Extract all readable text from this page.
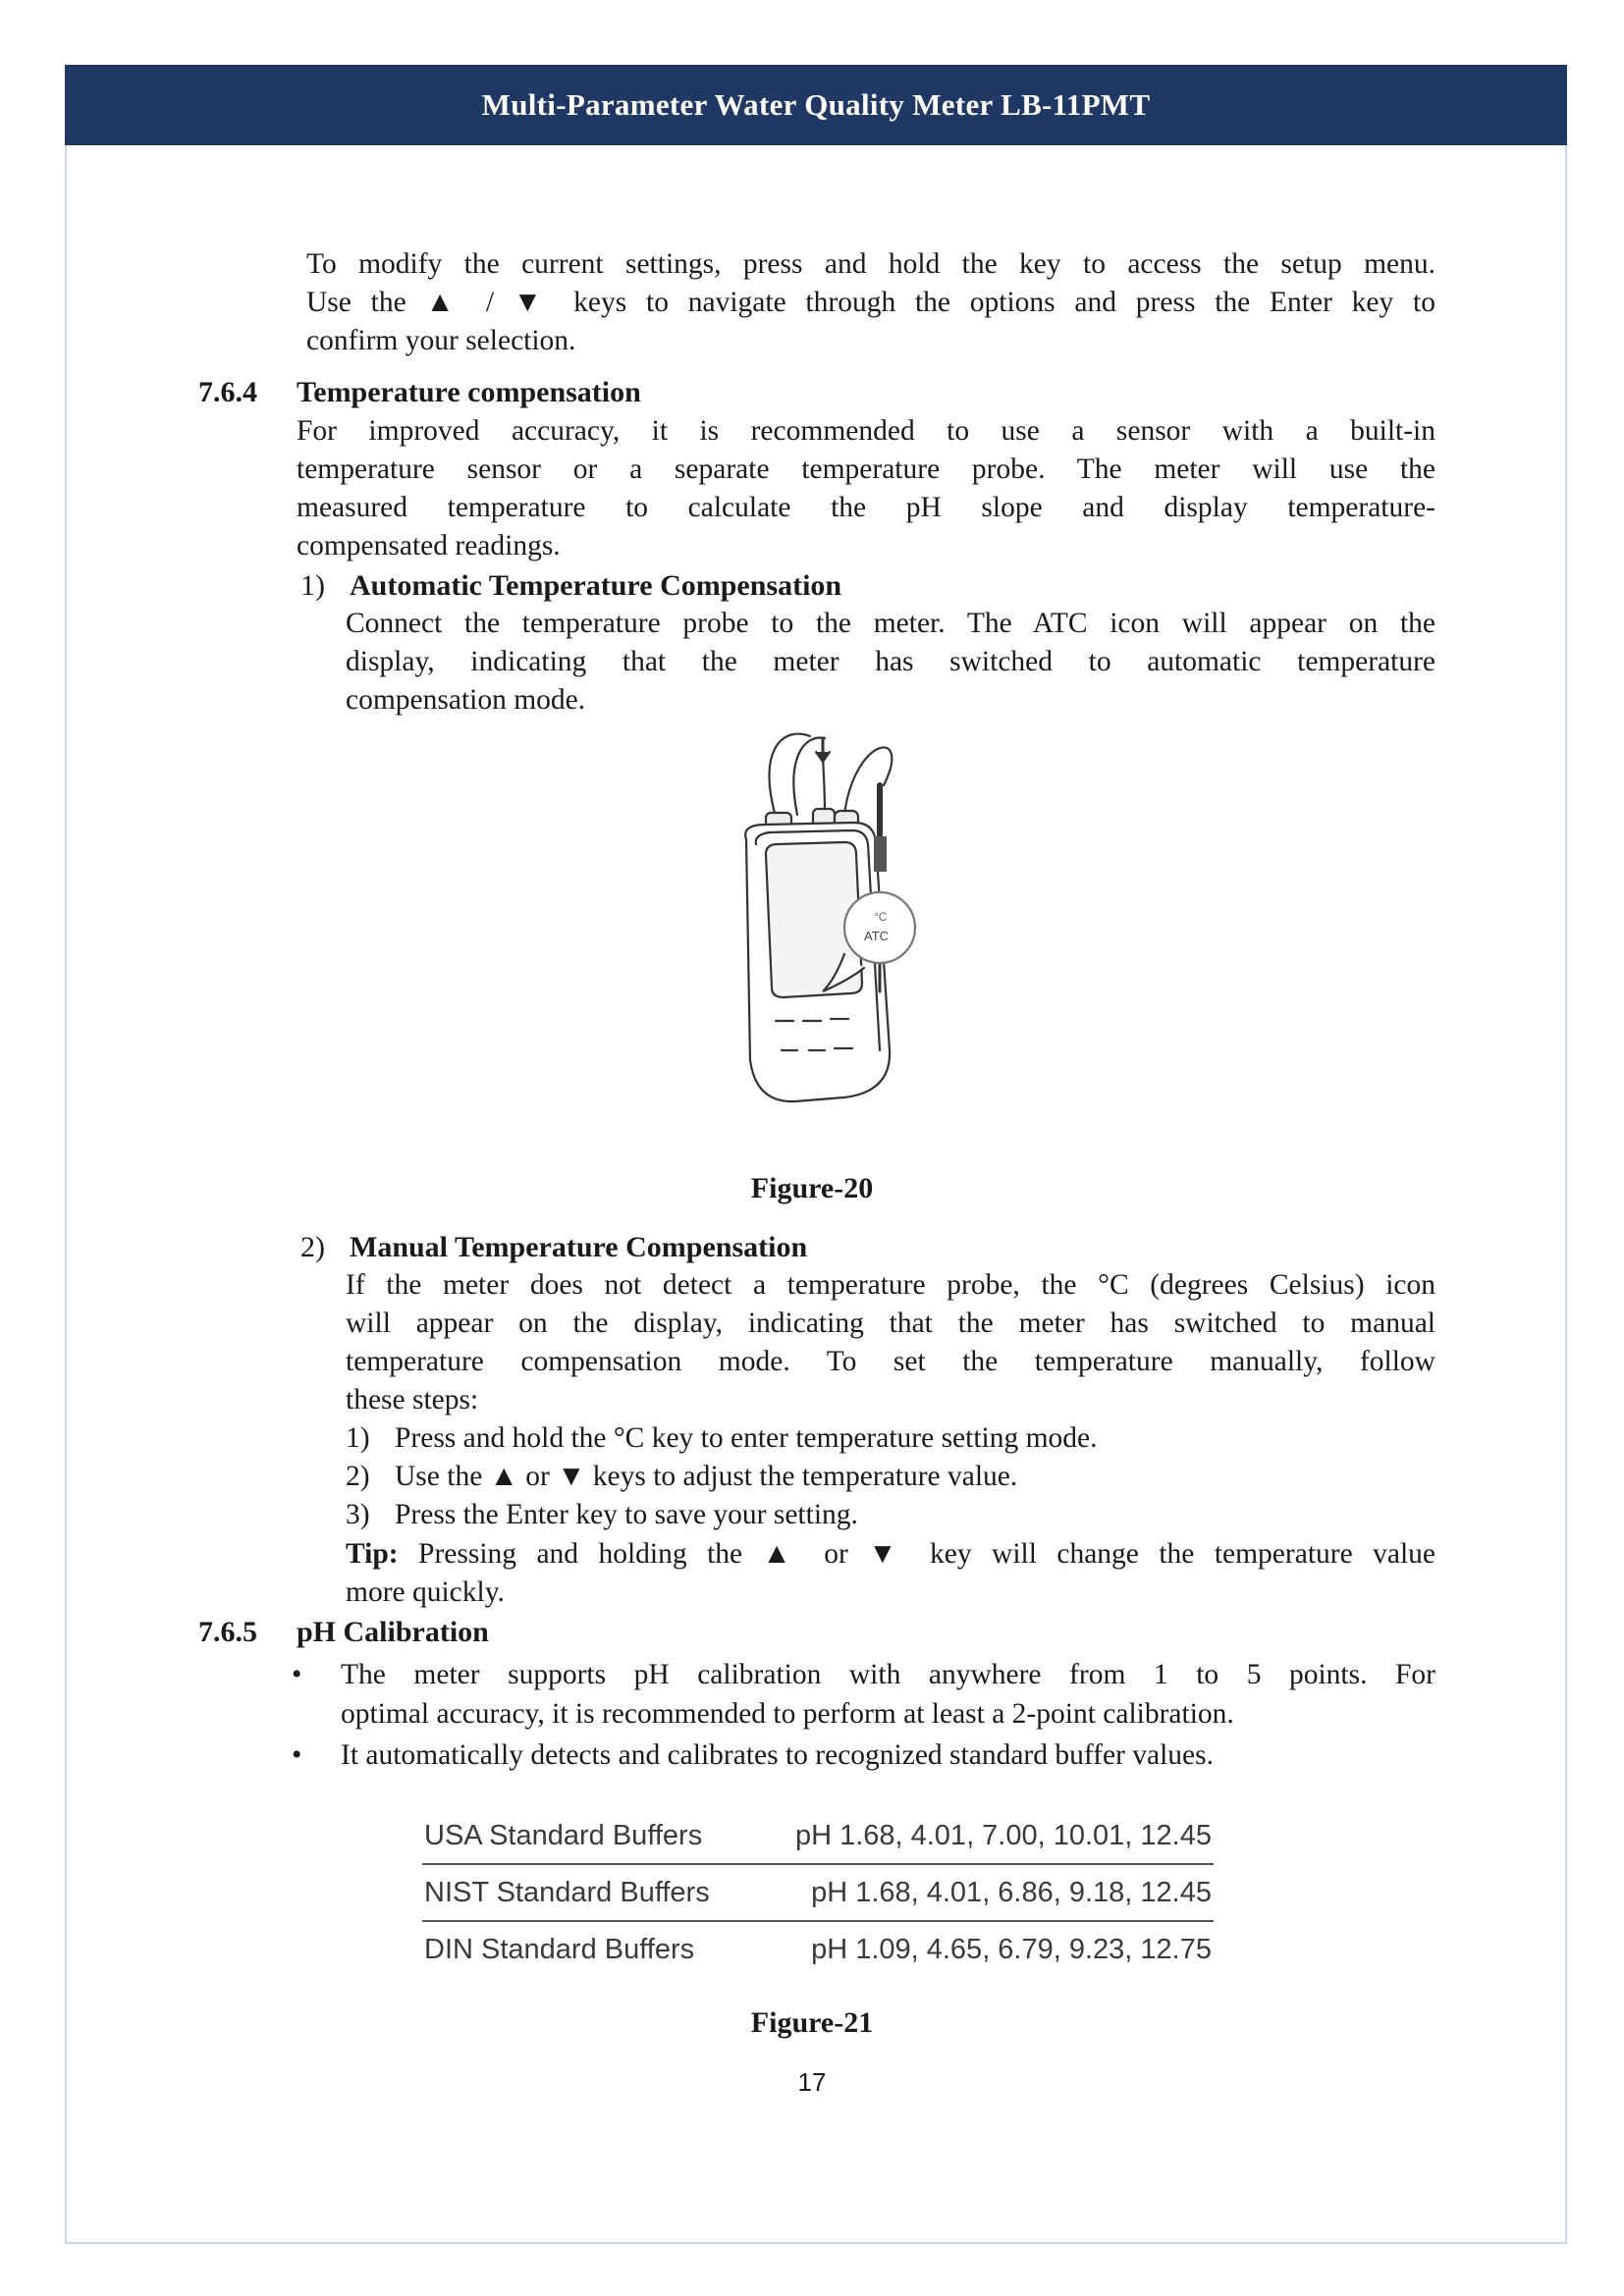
Multi-Parameter Water Quality Meter LB-11PMT
To modify the current settings, press and hold the key to access the setup menu.
Use the ▲ / ▼ keys to navigate through the options and press the Enter key to
confirm your selection.
7.6.4 Temperature compensation
For improved accuracy, it is recommended to use a sensor with a built-in
temperature sensor or a separate temperature probe. The meter will use the
measured temperature to calculate the pH slope and display temperature-
compensated readings.
1) Automatic Temperature Compensation
Connect the temperature probe to the meter. The ATC icon will appear on the
display, indicating that the meter has switched to automatic temperature
compensation mode.
°C
ATC
Figure-20
2) Manual Temperature Compensation
If the meter does not detect a temperature probe, the °C (degrees Celsius) icon
will appear on the display, indicating that the meter has switched to manual
temperature compensation mode. To set the temperature manually, follow
these steps:
1) Press and hold the °C key to enter temperature setting mode.
2) Use the ▲ or ▼ keys to adjust the temperature value.
3) Press the Enter key to save your setting.
Tip: Pressing and holding the ▲ or ▼ key will change the temperature value
more quickly.
7.6.5 pH Calibration
• The meter supports pH calibration with anywhere from 1 to 5 points. For
optimal accuracy, it is recommended to perform at least a 2-point calibration.
• It automatically detects and calibrates to recognized standard buffer values.
USA Standard Buffers	pH 1.68, 4.01, 7.00, 10.01, 12.45
NIST Standard Buffers	pH 1.68, 4.01, 6.86, 9.18, 12.45
DIN Standard Buffers	pH 1.09, 4.65, 6.79, 9.23, 12.75
Figure-21
17
